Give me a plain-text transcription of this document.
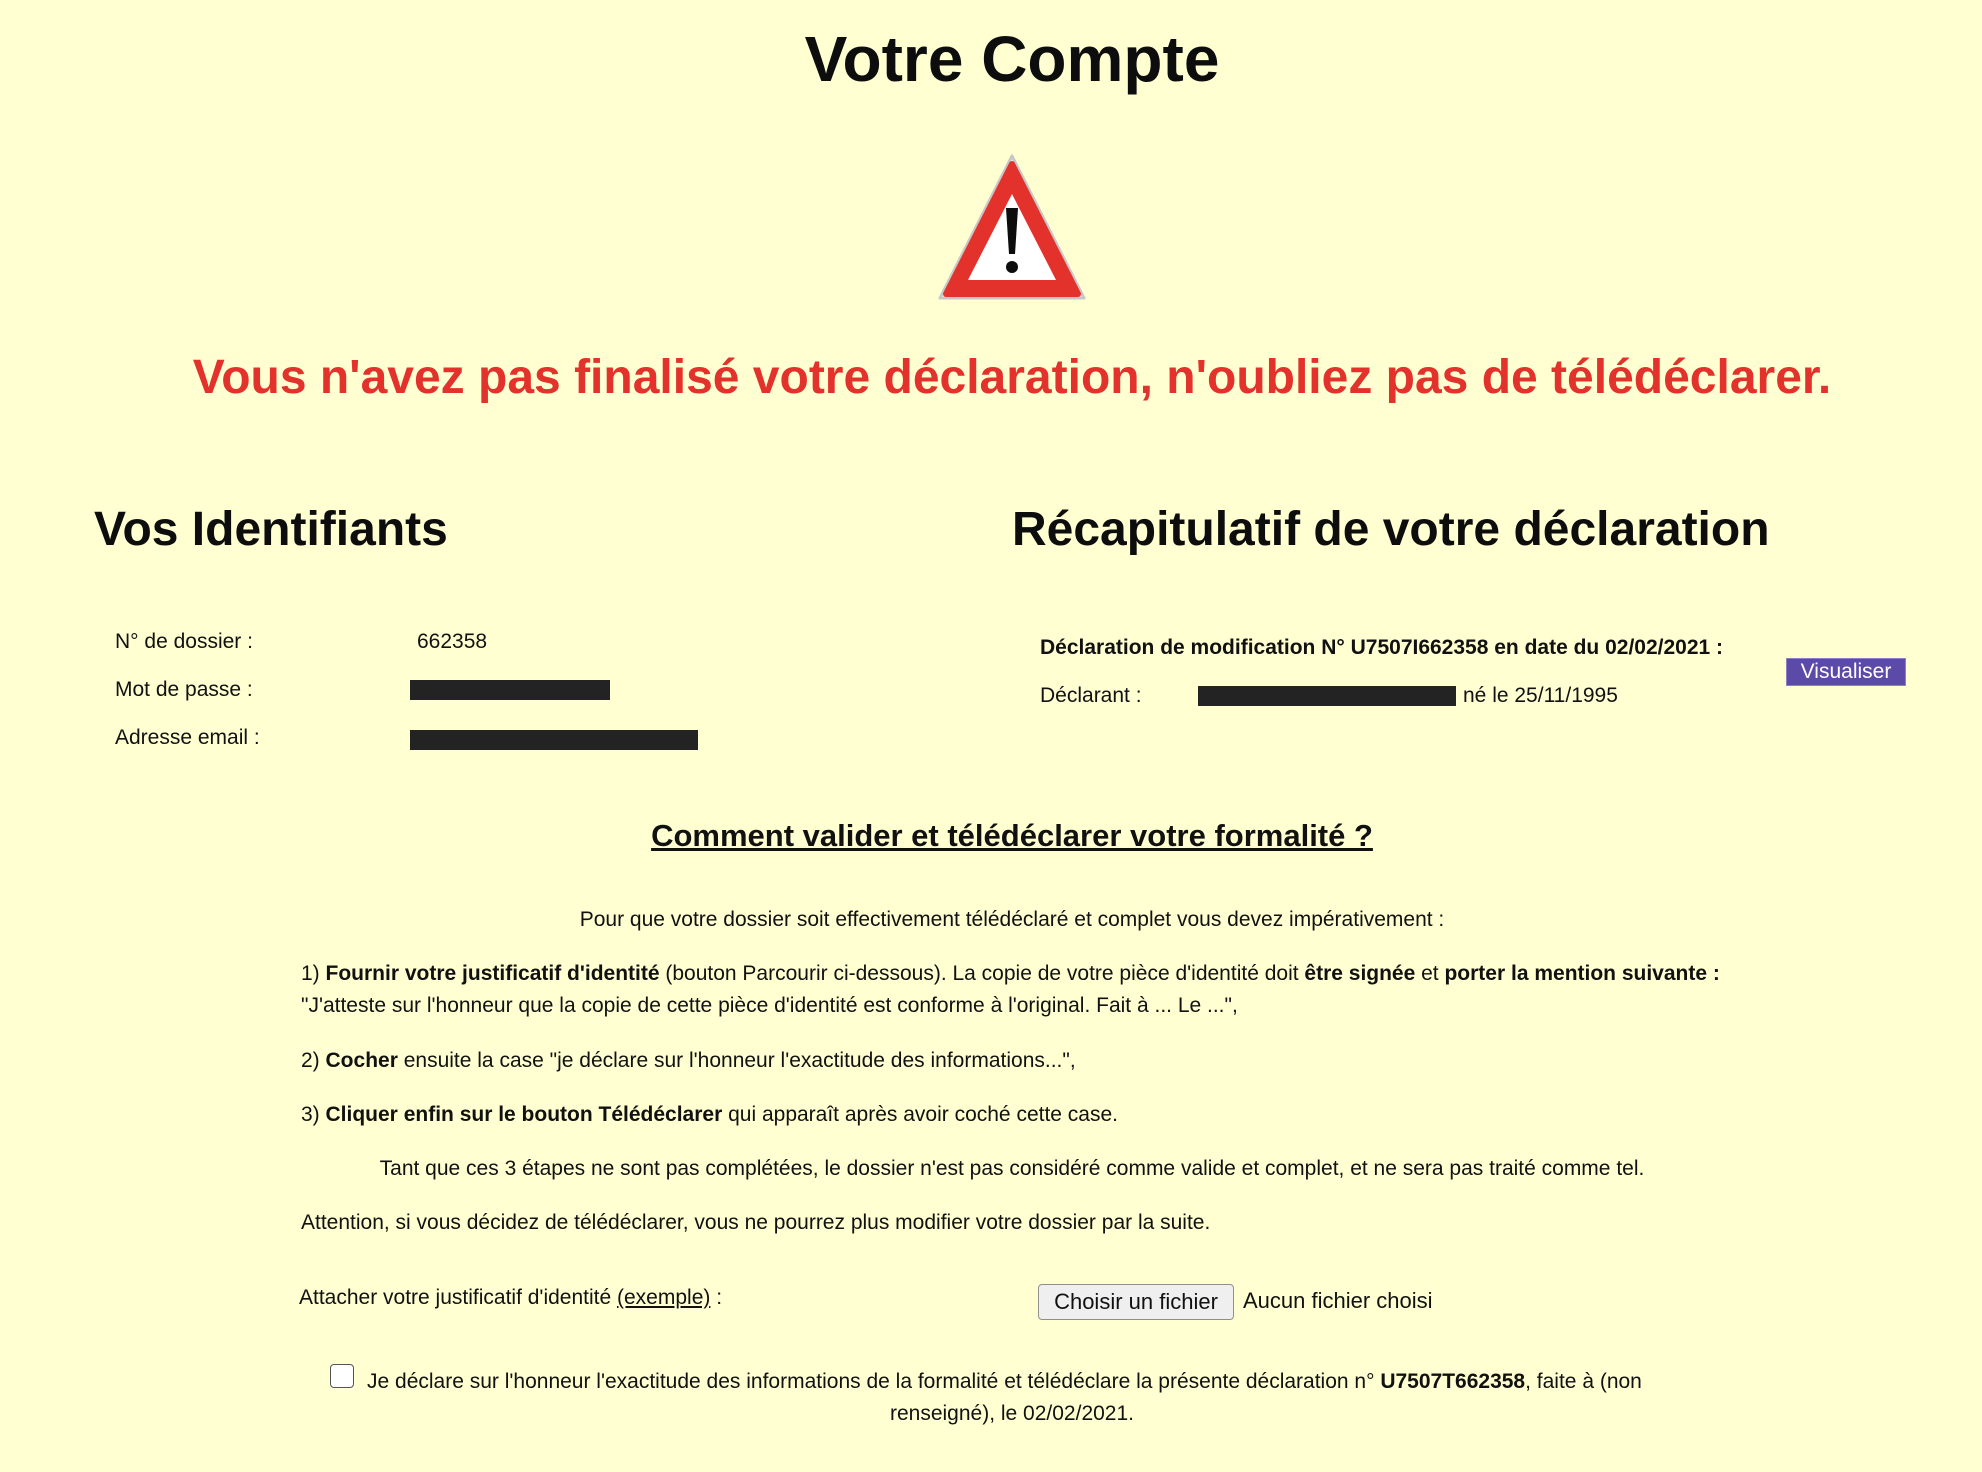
Votre Compte

Vous n'avez pas finalisé votre déclaration, n'oubliez pas de télédéclarer.

Vos Identifiants
N° de dossier :	662358
Mot de passe :
Adresse email :
Récapitulatif de votre déclaration
Déclaration de modification N° U7507I662358 en date du 02/02/2021 :
Visualiser
Déclarant :	né le 25/11/1995

Comment valider et télédéclarer votre formalité ?

Pour que votre dossier soit effectivement télédéclaré et complet vous devez impérativement :

1) Fournir votre justificatif d'identité (bouton Parcourir ci-dessous). La copie de votre pièce d'identité doit être signée et porter la mention suivante : "J'atteste sur l'honneur que la copie de cette pièce d'identité est conforme à l'original. Fait à ... Le ...",

2) Cocher ensuite la case "je déclare sur l'honneur l'exactitude des informations...",

3) Cliquer enfin sur le bouton Télédéclarer qui apparaît après avoir coché cette case.

Tant que ces 3 étapes ne sont pas complétées, le dossier n'est pas considéré comme valide et complet, et ne sera pas traité comme tel.

Attention, si vous décidez de télédéclarer, vous ne pourrez plus modifier votre dossier par la suite.

Attacher votre justificatif d'identité (exemple) :	Choisir un fichier	Aucun fichier choisi

Je déclare sur l'honneur l'exactitude des informations de la formalité et télédéclare la présente déclaration n° U7507T662358, faite à (non

renseigné), le 02/02/2021.
